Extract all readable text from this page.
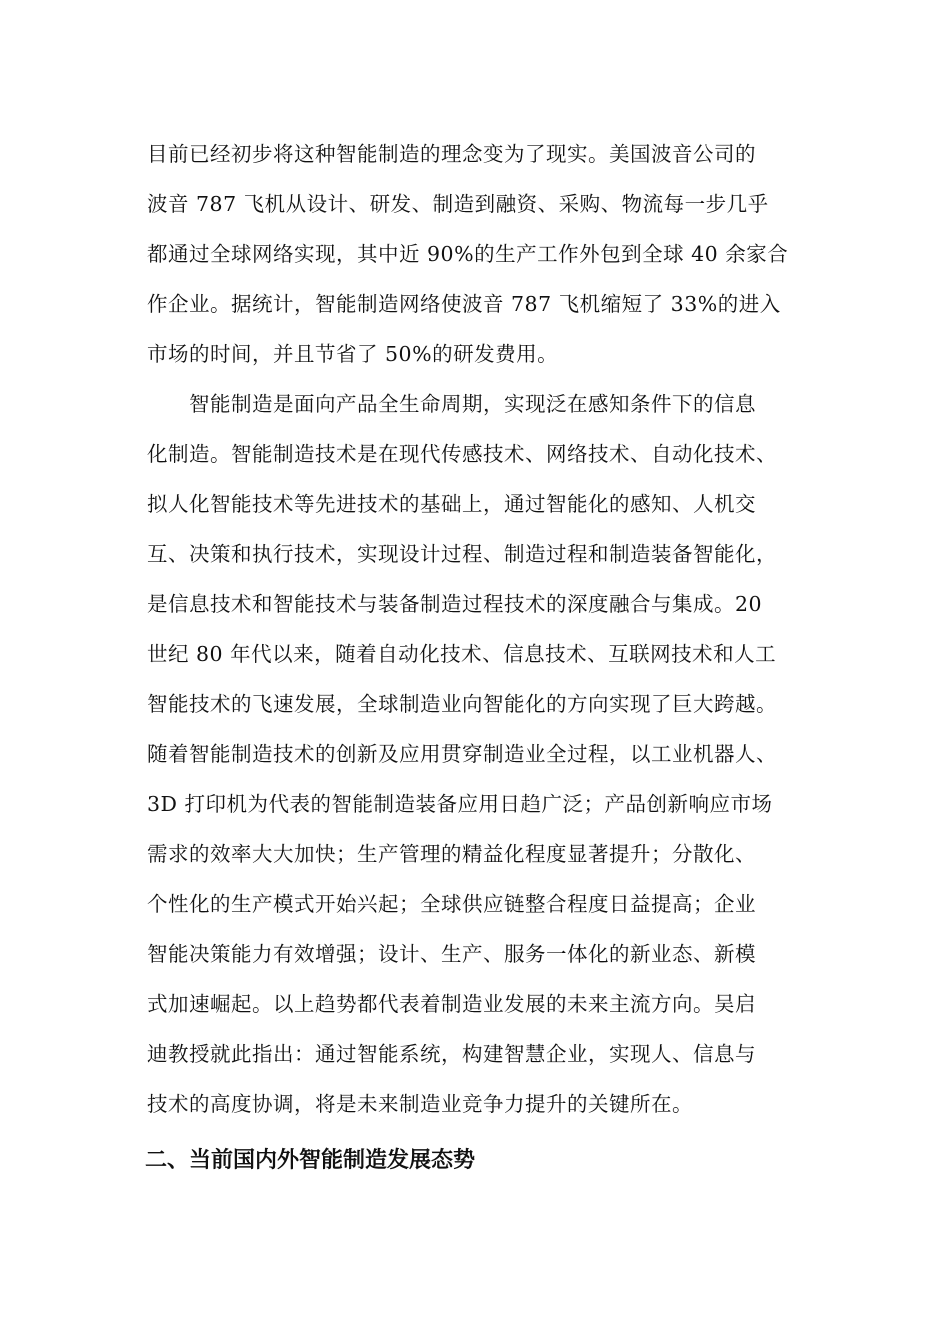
目前已经初步将这种智能制造的理念变为了现实。美国波音公司的
波音 787 飞机从设计、研发、制造到融资、采购、物流每一步几乎
都通过全球网络实现，其中近 90%的生产工作外包到全球 40 余家合
作企业。据统计，智能制造网络使波音 787 飞机缩短了 33%的进入
市场的时间，并且节省了 50%的研发费用。
智能制造是面向产品全生命周期，实现泛在感知条件下的信息
化制造。智能制造技术是在现代传感技术、网络技术、自动化技术、
拟人化智能技术等先进技术的基础上，通过智能化的感知、人机交
互、决策和执行技术，实现设计过程、制造过程和制造装备智能化，
是信息技术和智能技术与装备制造过程技术的深度融合与集成。20
世纪 80 年代以来，随着自动化技术、信息技术、互联网技术和人工
智能技术的飞速发展，全球制造业向智能化的方向实现了巨大跨越。
随着智能制造技术的创新及应用贯穿制造业全过程，以工业机器人、
3D 打印机为代表的智能制造装备应用日趋广泛；产品创新响应市场
需求的效率大大加快；生产管理的精益化程度显著提升；分散化、
个性化的生产模式开始兴起；全球供应链整合程度日益提高；企业
智能决策能力有效增强；设计、生产、服务一体化的新业态、新模
式加速崛起。以上趋势都代表着制造业发展的未来主流方向。吴启
迪教授就此指出：通过智能系统，构建智慧企业，实现人、信息与
技术的高度协调，将是未来制造业竞争力提升的关键所在。
二、当前国内外智能制造发展态势
